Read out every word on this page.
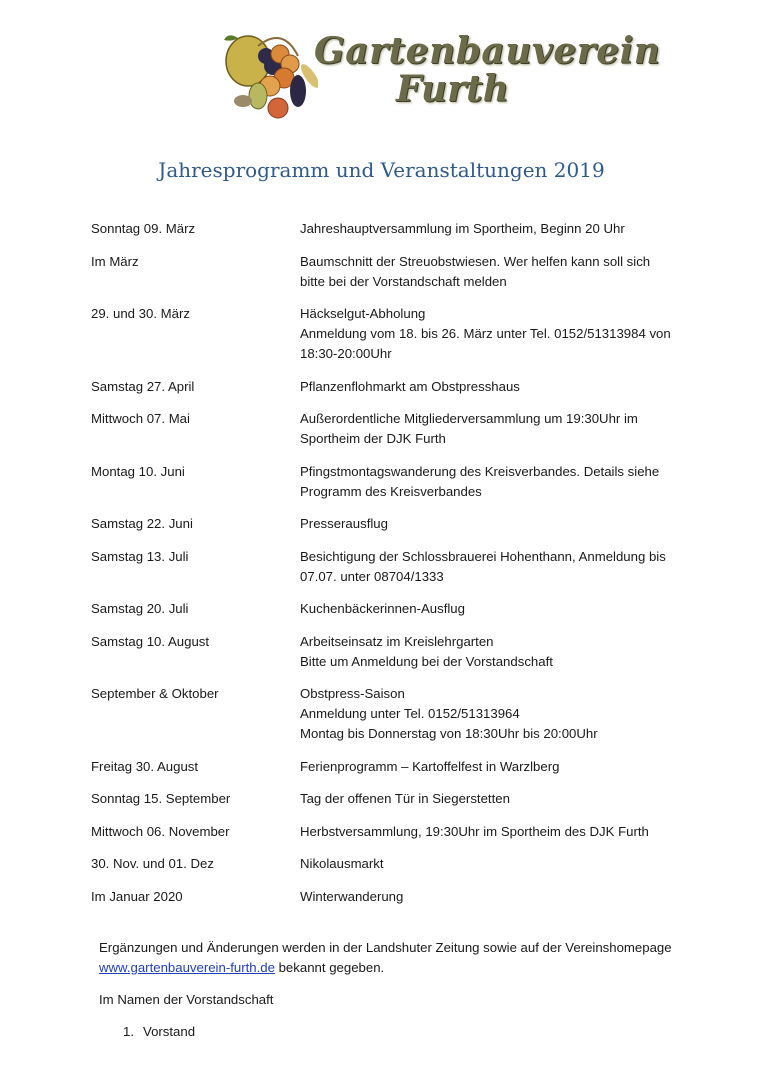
Gartenbauverein
Furth
Jahresprogramm und Veranstaltungen 2019
Sonntag 09. März	Jahreshauptversammlung im Sportheim, Beginn 20 Uhr
Im März	Baumschnitt der Streuobstwiesen. Wer helfen kann soll sich
bitte bei der Vorstandschaft melden
29. und 30. März	Häckselgut-Abholung
Anmeldung vom 18. bis 26. März unter Tel. 0152/51313984 von
18:30-20:00Uhr
Samstag 27. April	Pflanzenflohmarkt am Obstpresshaus
Mittwoch 07. Mai	Außerordentliche Mitgliederversammlung um 19:30Uhr im
Sportheim der DJK Furth
Montag 10. Juni	Pfingstmontagswanderung des Kreisverbandes. Details siehe
Programm des Kreisverbandes
Samstag 22. Juni	Presserausflug
Samstag 13. Juli	Besichtigung der Schlossbrauerei Hohenthann, Anmeldung bis
07.07. unter 08704/1333
Samstag 20. Juli	Kuchenbäckerinnen-Ausflug
Samstag 10. August	Arbeitseinsatz im Kreislehrgarten
Bitte um Anmeldung bei der Vorstandschaft
September & Oktober	Obstpress-Saison
Anmeldung unter Tel. 0152/51313964
Montag bis Donnerstag von 18:30Uhr bis 20:00Uhr
Freitag 30. August	Ferienprogramm – Kartoffelfest in Warzlberg
Sonntag 15. September	Tag der offenen Tür in Siegerstetten
Mittwoch 06. November	Herbstversammlung, 19:30Uhr im Sportheim des DJK Furth
30. Nov. und 01. Dez	Nikolausmarkt
Im Januar 2020	Winterwanderung

Ergänzungen und Änderungen werden in der Landshuter Zeitung sowie auf der Vereinshomepage
www.gartenbauverein-furth.de bekannt gegeben.

Im Namen der Vorstandschaft

1. Vorstand
